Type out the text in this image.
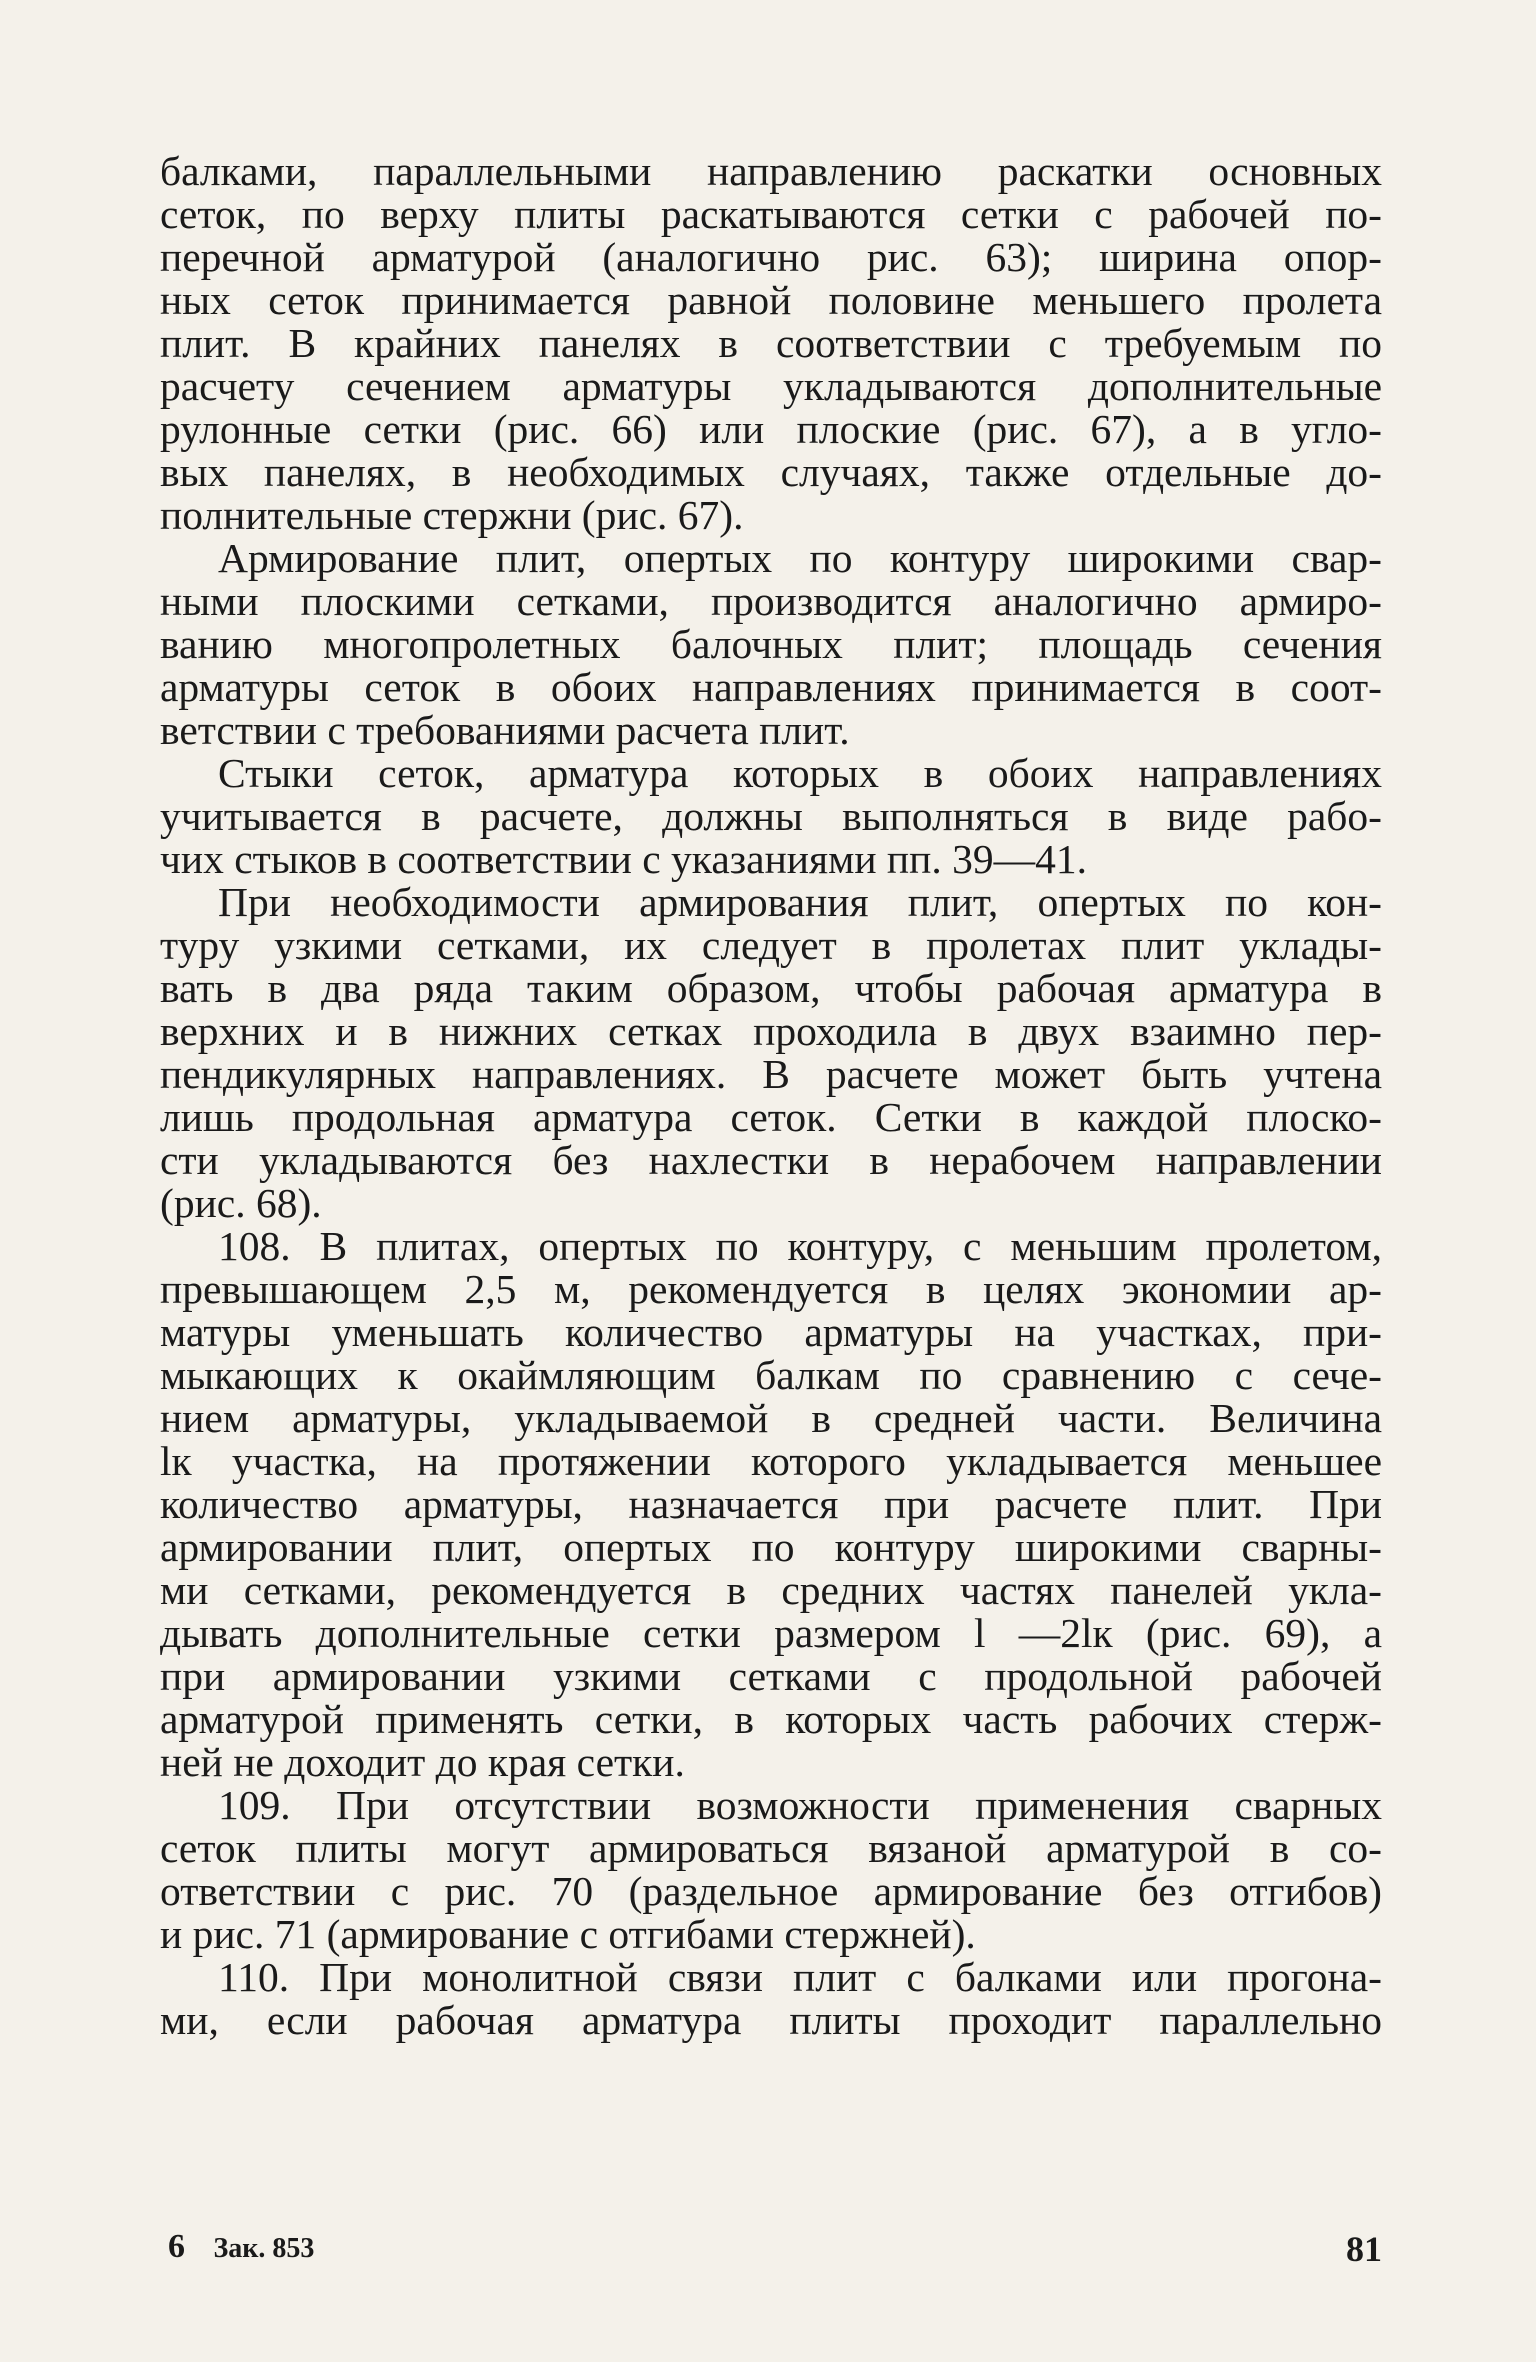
балками, параллельными направлению раскатки основных
сеток, по верху плиты раскатываются сетки с рабочей по-
перечной арматурой (аналогично рис. 63); ширина опор-
ных сеток принимается равной половине меньшего пролета
плит. В крайних панелях в соответствии с требуемым по
расчету сечением арматуры укладываются дополнительные
рулонные сетки (рис. 66) или плоские (рис. 67), а в угло-
вых панелях, в необходимых случаях, также отдельные до-
полнительные стержни (рис. 67).

Армирование плит, опертых по контуру широкими свар-
ными плоскими сетками, производится аналогично армиро-
ванию многопролетных балочных плит; площадь сечения
арматуры сеток в обоих направлениях принимается в соот-
ветствии с требованиями расчета плит.

Стыки сеток, арматура которых в обоих направлениях
учитывается в расчете, должны выполняться в виде рабо-
чих стыков в соответствии с указаниями пп. 39—41.

При необходимости армирования плит, опертых по кон-
туру узкими сетками, их следует в пролетах плит уклады-
вать в два ряда таким образом, чтобы рабочая арматура в
верхних и в нижних сетках проходила в двух взаимно пер-
пендикулярных направлениях. В расчете может быть учтена
лишь продольная арматура сеток. Сетки в каждой плоско-
сти укладываются без нахлестки в нерабочем направлении
(рис. 68).

108. В плитах, опертых по контуру, с меньшим пролетом,
превышающем 2,5 м, рекомендуется в целях экономии ар-
матуры уменьшать количество арматуры на участках, при-
мыкающих к окаймляющим балкам по сравнению с сече-
нием арматуры, укладываемой в средней части. Величина
lк участка, на протяжении которого укладывается меньшее
количество арматуры, назначается при расчете плит. При
армировании плит, опертых по контуру широкими сварны-
ми сетками, рекомендуется в средних частях панелей укла-
дывать дополнительные сетки размером l —2lк (рис. 69), а
при армировании узкими сетками с продольной рабочей
арматурой применять сетки, в которых часть рабочих стерж-
ней не доходит до края сетки.

109. При отсутствии возможности применения сварных
сеток плиты могут армироваться вязаной арматурой в со-
ответствии с рис. 70 (раздельное армирование без отгибов)
и рис. 71 (армирование с отгибами стержней).

110. При монолитной связи плит с балками или прогона-
ми, если рабочая арматура плиты проходит параллельно

6 Зак. 853	81
